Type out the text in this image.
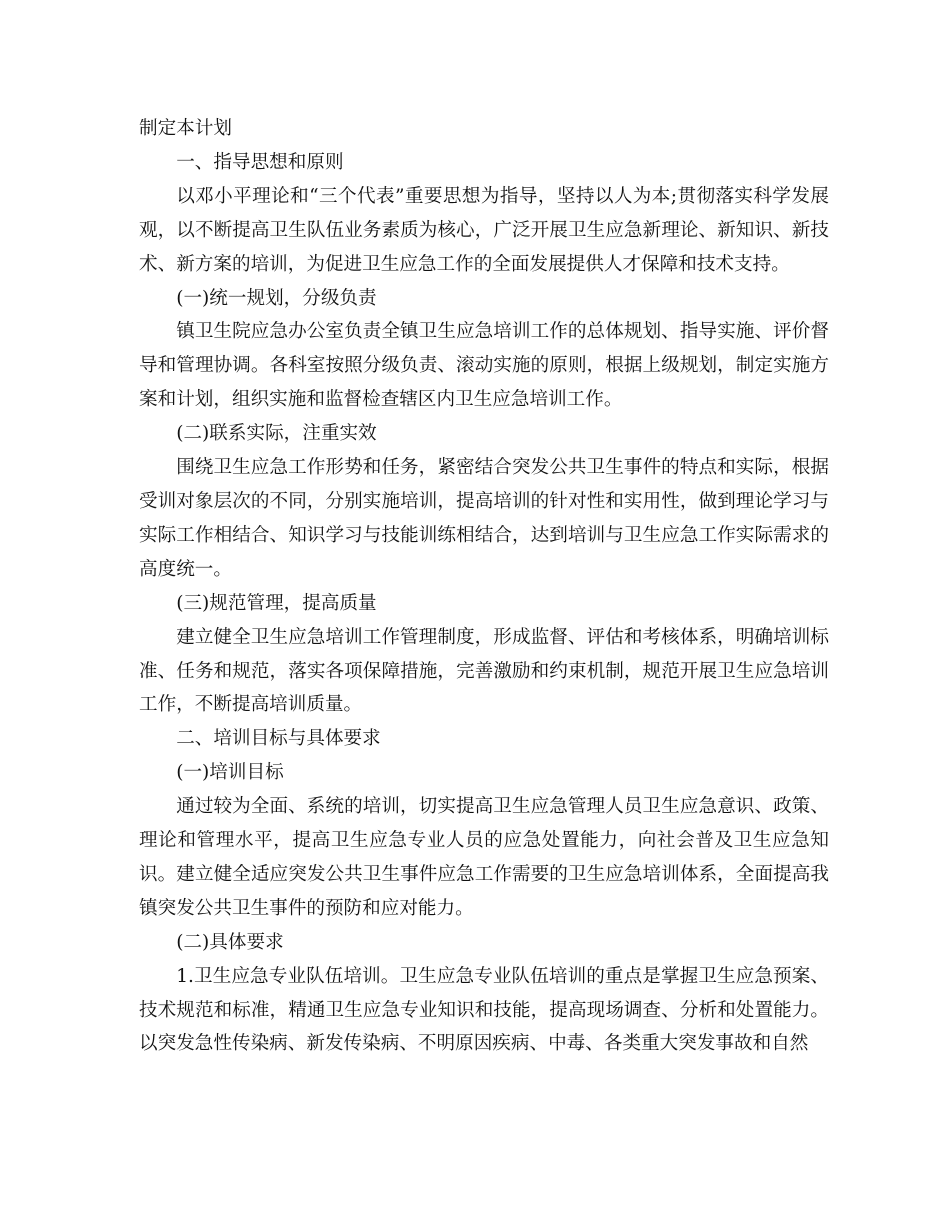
制定本计划

一、指导思想和原则

以邓小平理论和“三个代表”重要思想为指导，坚持以人为本;贯彻落实科学发展观，以不断提高卫生队伍业务素质为核心，广泛开展卫生应急新理论、新知识、新技术、新方案的培训，为促进卫生应急工作的全面发展提供人才保障和技术支持。

(一)统一规划，分级负责

镇卫生院应急办公室负责全镇卫生应急培训工作的总体规划、指导实施、评价督导和管理协调。各科室按照分级负责、滚动实施的原则，根据上级规划，制定实施方案和计划，组织实施和监督检查辖区内卫生应急培训工作。

(二)联系实际，注重实效

围绕卫生应急工作形势和任务，紧密结合突发公共卫生事件的特点和实际，根据受训对象层次的不同，分别实施培训，提高培训的针对性和实用性，做到理论学习与实际工作相结合、知识学习与技能训练相结合，达到培训与卫生应急工作实际需求的高度统一。

(三)规范管理，提高质量

建立健全卫生应急培训工作管理制度，形成监督、评估和考核体系，明确培训标准、任务和规范，落实各项保障措施，完善激励和约束机制，规范开展卫生应急培训工作，不断提高培训质量。

二、培训目标与具体要求

(一)培训目标

通过较为全面、系统的培训，切实提高卫生应急管理人员卫生应急意识、政策、理论和管理水平，提高卫生应急专业人员的应急处置能力，向社会普及卫生应急知识。建立健全适应突发公共卫生事件应急工作需要的卫生应急培训体系，全面提高我镇突发公共卫生事件的预防和应对能力。

(二)具体要求

1.卫生应急专业队伍培训。卫生应急专业队伍培训的重点是掌握卫生应急预案、技术规范和标准，精通卫生应急专业知识和技能，提高现场调查、分析和处置能力。以突发急性传染病、新发传染病、不明原因疾病、中毒、各类重大突发事故和自然
